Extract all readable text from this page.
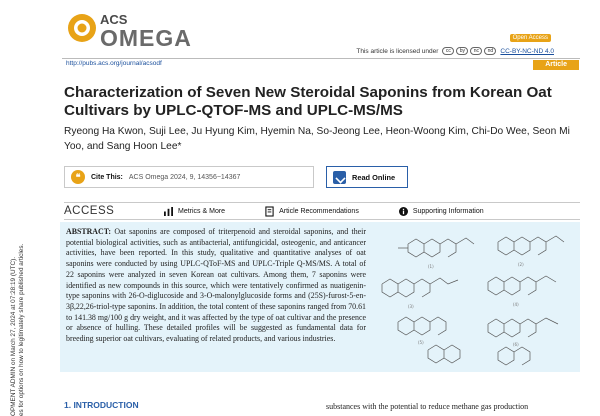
OPMENT ADMIN on March 27, 2024 at 07:28:19 (UTC). es for options on how to legitimately share published articles.
ACS
OMEGA	Open Access
This article is licensed under	cc	by	nc	nd	CC-BY-NC-ND 4.0
http://pubs.acs.org/journal/acsodf	Article
Characterization of Seven New Steroidal Saponins from Korean Oat Cultivars by UPLC-QTOF-MS and UPLC-MS/MS
Ryeong Ha Kwon, Suji Lee, Ju Hyung Kim, Hyemin Na, So-Jeong Lee, Heon-Woong Kim, Chi-Do Wee, Seon Mi Yoo, and Sang Hoon Lee*
❝	Cite This: ACS Omega 2024, 9, 14356−14367	Read Online
ACCESS	Metrics & More	Article Recommendations	Supporting Information
ABSTRACT: Oat saponins are composed of triterpenoid and steroidal saponins, and their potential biological activities, such as antibacterial, antifungicidal, osteogenic, and anticancer activities, have been reported. In this study, qualitative and quantitative analyses of oat saponins were conducted by using UPLC-QToF-MS and UPLC-Triple Q-MS/MS. A total of 22 saponins were analyzed in seven Korean oat cultivars. Among them, 7 saponins were identified as new compounds in this source, which were tentatively confirmed as nuatigenin-type saponins with 26-O-diglucoside and 3-O-malonylglucoside forms and (25S)-furost-5-en-3β,22,26-triol-type saponins. In addition, the total content of these saponins ranged from 70.61 to 141.38 mg/100 g dry weight, and it was affected by the type of oat cultivar and the presence or absence of hulling. These detailed profiles will be suggested as fundamental data for breeding superior oat cultivars, evaluating of related products, and various industries.
(1)	(2)
(3)	(4)
(5)	(6)
1. INTRODUCTION	substances with the potential to reduce methane gas production
